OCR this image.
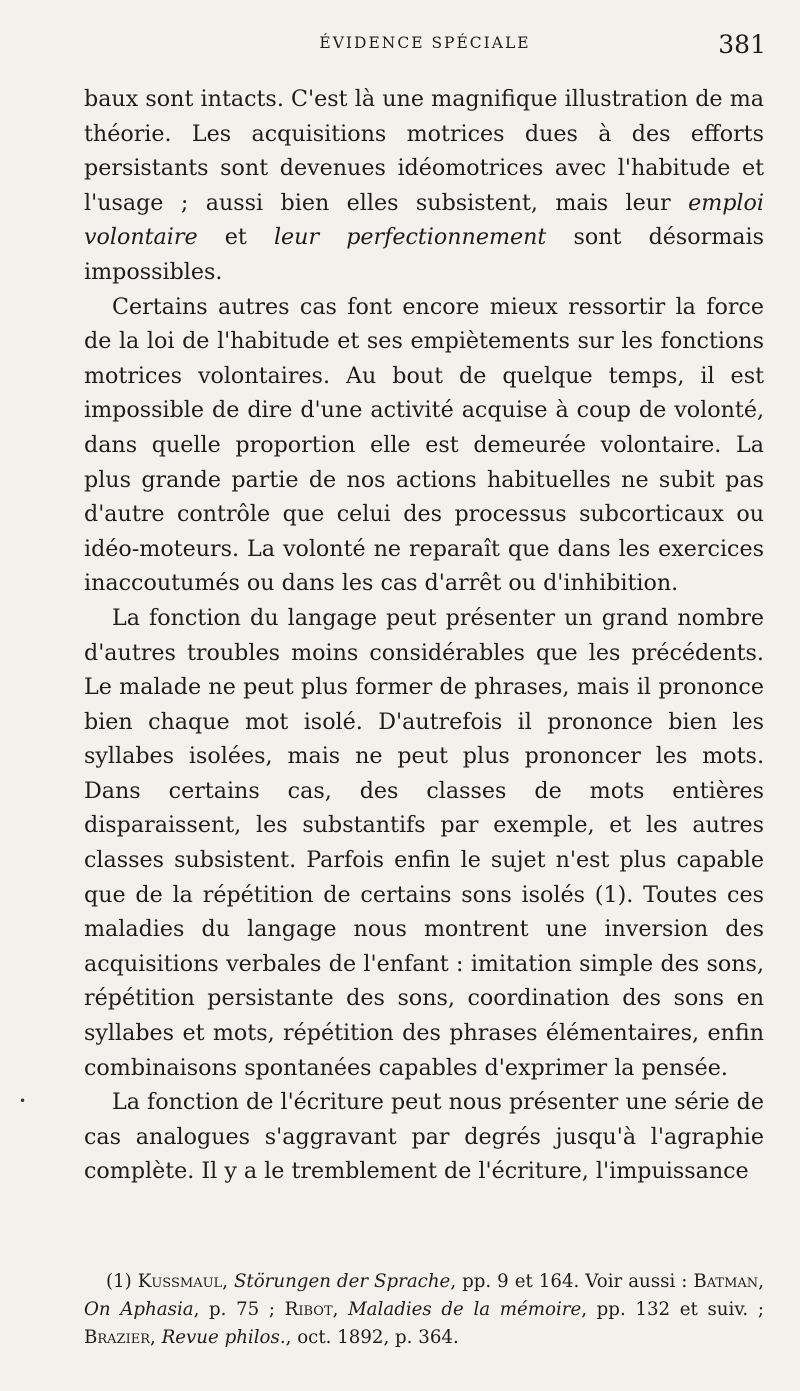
ÉVIDENCE SPÉCIALE	381

baux sont intacts. C'est là une magnifique illustration de ma théorie. Les acquisitions motrices dues à des efforts persistants sont devenues idéomotrices avec l'habitude et l'usage ; aussi bien elles subsistent, mais leur emploi volontaire et leur perfectionnement sont désormais impossibles.

Certains autres cas font encore mieux ressortir la force de la loi de l'habitude et ses empiètements sur les fonctions motrices volontaires. Au bout de quelque temps, il est impossible de dire d'une activité acquise à coup de volonté, dans quelle proportion elle est demeurée volontaire. La plus grande partie de nos actions habituelles ne subit pas d'autre contrôle que celui des processus subcorticaux ou idéo-moteurs. La volonté ne reparaît que dans les exercices inaccoutumés ou dans les cas d'arrêt ou d'inhibition.

La fonction du langage peut présenter un grand nombre d'autres troubles moins considérables que les précédents. Le malade ne peut plus former de phrases, mais il prononce bien chaque mot isolé. D'autrefois il prononce bien les syllabes isolées, mais ne peut plus prononcer les mots. Dans certains cas, des classes de mots entières disparaissent, les substantifs par exemple, et les autres classes subsistent. Parfois enfin le sujet n'est plus capable que de la répétition de certains sons isolés (1). Toutes ces maladies du langage nous montrent une inversion des acquisitions verbales de l'enfant : imitation simple des sons, répétition persistante des sons, coordination des sons en syllabes et mots, répétition des phrases élémentaires, enfin combinaisons spontanées capables d'exprimer la pensée.

La fonction de l'écriture peut nous présenter une série de cas analogues s'aggravant par degrés jusqu'à l'agraphie complète. Il y a le tremblement de l'écriture, l'impuissance

(1) Kussmaul, Störungen der Sprache, pp. 9 et 164. Voir aussi : Batman, On Aphasia, p. 75 ; Ribot, Maladies de la mémoire, pp. 132 et suiv. ; Brazier, Revue philos., oct. 1892, p. 364.

•
